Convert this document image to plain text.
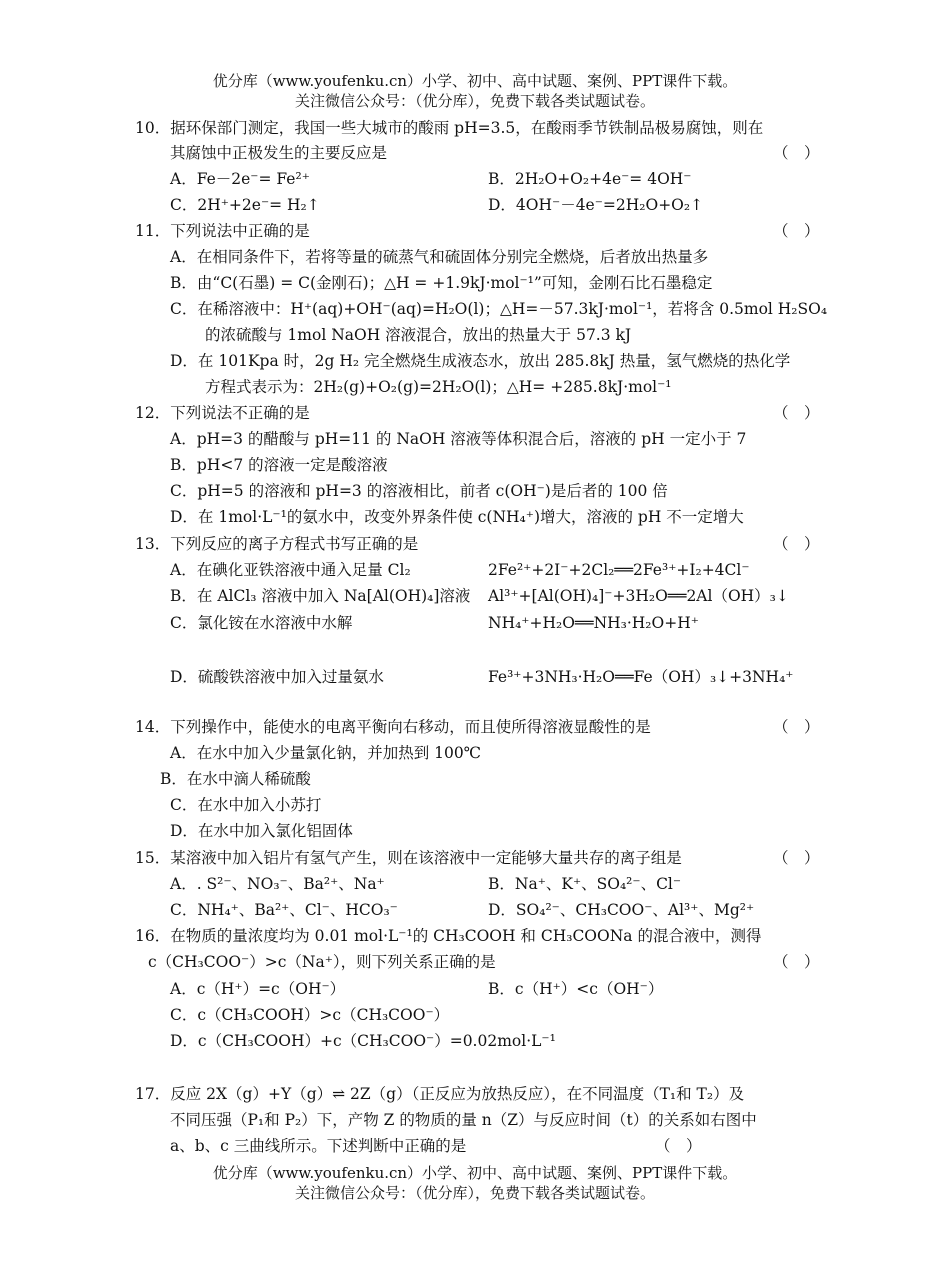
优分库（www.youfenku.cn）小学、初中、高中试题、案例、PPT课件下载。
关注微信公众号：（优分库），免费下载各类试题试卷。
10．据环保部门测定，我国一些大城市的酸雨 pH=3.5，在酸雨季节铁制品极易腐蚀，则在
其腐蚀中正极发生的主要反应是	（　）
A．Fe－2e⁻= Fe²⁺	B．2H₂O+O₂+4e⁻= 4OH⁻
C．2H⁺+2e⁻= H₂↑	D．4OH⁻－4e⁻=2H₂O+O₂↑
11．下列说法中正确的是	（　）
A．在相同条件下，若将等量的硫蒸气和硫固体分别完全燃烧，后者放出热量多
B．由“C(石墨) = C(金刚石)；△H = +1.9kJ·mol⁻¹”可知，金刚石比石墨稳定
C．在稀溶液中：H⁺(aq)+OH⁻(aq)=H₂O(l)；△H=－57.3kJ·mol⁻¹，若将含 0.5mol H₂SO₄
的浓硫酸与 1mol NaOH 溶液混合，放出的热量大于 57.3 kJ
D．在 101Kpa 时，2g H₂ 完全燃烧生成液态水，放出 285.8kJ 热量，氢气燃烧的热化学
方程式表示为：2H₂(g)+O₂(g)=2H₂O(l)；△H= +285.8kJ·mol⁻¹
12．下列说法不正确的是	（　）
A．pH=3 的醋酸与 pH=11 的 NaOH 溶液等体积混合后，溶液的 pH 一定小于 7
B．pH<7 的溶液一定是酸溶液
C．pH=5 的溶液和 pH=3 的溶液相比，前者 c(OH⁻)是后者的 100 倍
D．在 1mol·L⁻¹的氨水中，改变外界条件使 c(NH₄⁺)增大，溶液的 pH 不一定增大
13．下列反应的离子方程式书写正确的是	（　）
A．在碘化亚铁溶液中通入足量 Cl₂	2Fe²⁺+2I⁻+2Cl₂══2Fe³⁺+I₂+4Cl⁻
B．在 AlCl₃ 溶液中加入 Na[Al(OH)₄]溶液 Al³⁺+[Al(OH)₄]⁻+3H₂O══2Al（OH）₃↓
C．氯化铵在水溶液中水解	NH₄⁺+H₂O══NH₃·H₂O+H⁺
D．硫酸铁溶液中加入过量氨水	Fe³⁺+3NH₃·H₂O══Fe（OH）₃↓+3NH₄⁺
14．下列操作中，能使水的电离平衡向右移动，而且使所得溶液显酸性的是	（　）
A．在水中加入少量氯化钠，并加热到 100℃
B．在水中滴人稀硫酸
C．在水中加入小苏打
D．在水中加入氯化铝固体
15．某溶液中加入铝片有氢气产生，则在该溶液中一定能够大量共存的离子组是	（　）
A．. S²⁻、NO₃⁻、Ba²⁺、Na⁺	B．Na⁺、K⁺、SO₄²⁻、Cl⁻
C．NH₄⁺、Ba²⁺、Cl⁻、HCO₃⁻	D．SO₄²⁻、CH₃COO⁻、Al³⁺、Mg²⁺
16．在物质的量浓度均为 0.01 mol·L⁻¹的 CH₃COOH 和 CH₃COONa 的混合液中，测得
c（CH₃COO⁻）>c（Na⁺），则下列关系正确的是	（　）
A．c（H⁺）=c（OH⁻）	B．c（H⁺）<c（OH⁻）
C．c（CH₃COOH）>c（CH₃COO⁻）
D．c（CH₃COOH）+c（CH₃COO⁻）=0.02mol·L⁻¹
17．反应 2X（g）+Y（g）⇌ 2Z（g）（正反应为放热反应），在不同温度（T₁和 T₂）及
不同压强（P₁和 P₂）下，产物 Z 的物质的量 n（Z）与反应时间（t）的关系如右图中
a、b、c 三曲线所示。下述判断中正确的是	（　）
优分库（www.youfenku.cn）小学、初中、高中试题、案例、PPT课件下载。
关注微信公众号：（优分库），免费下载各类试题试卷。
